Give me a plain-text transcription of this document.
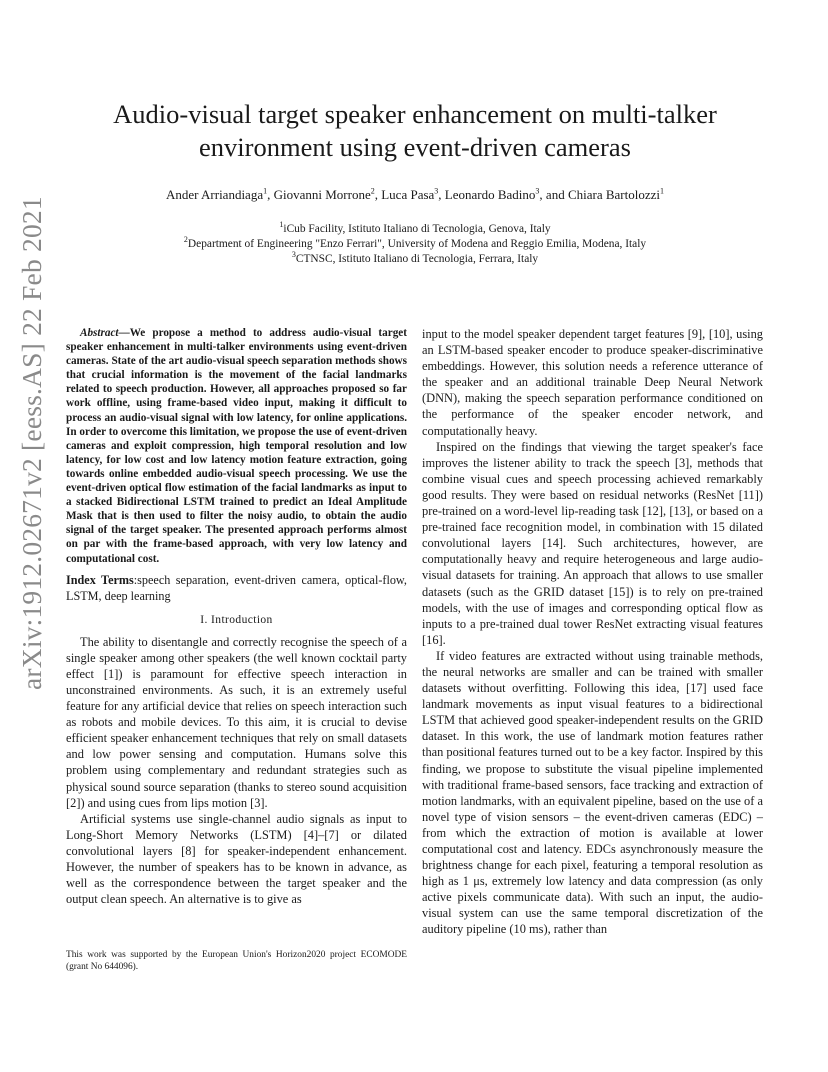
arXiv:1912.02671v2 [eess.AS] 22 Feb 2021
Audio-visual target speaker enhancement on multi-talker
environment using event-driven cameras
Ander Arriandiaga$^1$, Giovanni Morrone$^2$, Luca Pasa$^3$, Leonardo Badino$^3$, and Chiara Bartolozzi$^1$
$^1$iCub Facility, Istituto Italiano di Tecnologia, Genova, Italy
$^2$Department of Engineering "Enzo Ferrari", University of Modena and Reggio Emilia, Modena, Italy
$^3$CTNSC, Istituto Italiano di Tecnologia, Ferrara, Italy

Abstract—We propose a method to address audio-visual target speaker enhancement in multi-talker environments using event-driven cameras. State of the art audio-visual speech separation methods shows that crucial information is the movement of the facial landmarks related to speech production. However, all approaches proposed so far work offline, using frame-based video input, making it difficult to process an audio-visual signal with low latency, for online applications. In order to overcome this limitation, we propose the use of event-driven cameras and exploit compression, high temporal resolution and low latency, for low cost and low latency motion feature extraction, going towards online embedded audio-visual speech processing. We use the event-driven optical flow estimation of the facial landmarks as input to a stacked Bidirectional LSTM trained to predict an Ideal Amplitude Mask that is then used to filter the noisy audio, to obtain the audio signal of the target speaker. The presented approach performs almost on par with the frame-based approach, with very low latency and computational cost.

Index Terms:speech separation, event-driven camera, optical-flow, LSTM, deep learning

I. Introduction

The ability to disentangle and correctly recognise the speech of a single speaker among other speakers (the well known cocktail party effect [1]) is paramount for effective speech interaction in unconstrained environments. As such, it is an extremely useful feature for any artificial device that relies on speech interaction such as robots and mobile devices. To this aim, it is crucial to devise efficient speaker enhancement techniques that rely on small datasets and low power sensing and computation. Humans solve this problem using complementary and redundant strategies such as physical sound source separation (thanks to stereo sound acquisition [2]) and using cues from lips motion [3].

Artificial systems use single-channel audio signals as input to Long-Short Memory Networks (LSTM) [4]–[7] or dilated convolutional layers [8] for speaker-independent enhancement. However, the number of speakers has to be known in advance, as well as the correspondence between the target speaker and the output clean speech. An alternative is to give as

This work was supported by the European Union's Horizon2020 project ECOMODE (grant No 644096).

input to the model speaker dependent target features [9], [10], using an LSTM-based speaker encoder to produce speaker-discriminative embeddings. However, this solution needs a reference utterance of the speaker and an additional trainable Deep Neural Network (DNN), making the speech separation performance conditioned on the performance of the speaker encoder network, and computationally heavy.

Inspired on the findings that viewing the target speaker's face improves the listener ability to track the speech [3], methods that combine visual cues and speech processing achieved remarkably good results. They were based on residual networks (ResNet [11]) pre-trained on a word-level lip-reading task [12], [13], or based on a pre-trained face recognition model, in combination with 15 dilated convolutional layers [14]. Such architectures, however, are computationally heavy and require heterogeneous and large audio-visual datasets for training. An approach that allows to use smaller datasets (such as the GRID dataset [15]) is to rely on pre-trained models, with the use of images and corresponding optical flow as inputs to a pre-trained dual tower ResNet extracting visual features [16].

If video features are extracted without using trainable methods, the neural networks are smaller and can be trained with smaller datasets without overfitting. Following this idea, [17] used face landmark movements as input visual features to a bidirectional LSTM that achieved good speaker-independent results on the GRID dataset. In this work, the use of landmark motion features rather than positional features turned out to be a key factor. Inspired by this finding, we propose to substitute the visual pipeline implemented with traditional frame-based sensors, face tracking and extraction of motion landmarks, with an equivalent pipeline, based on the use of a novel type of vision sensors – the event-driven cameras (EDC) – from which the extraction of motion is available at lower computational cost and latency. EDCs asynchronously measure the brightness change for each pixel, featuring a temporal resolution as high as 1 μs, extremely low latency and data compression (as only active pixels communicate data). With such an input, the audio-visual system can use the same temporal discretization of the auditory pipeline (10 ms), rather than
